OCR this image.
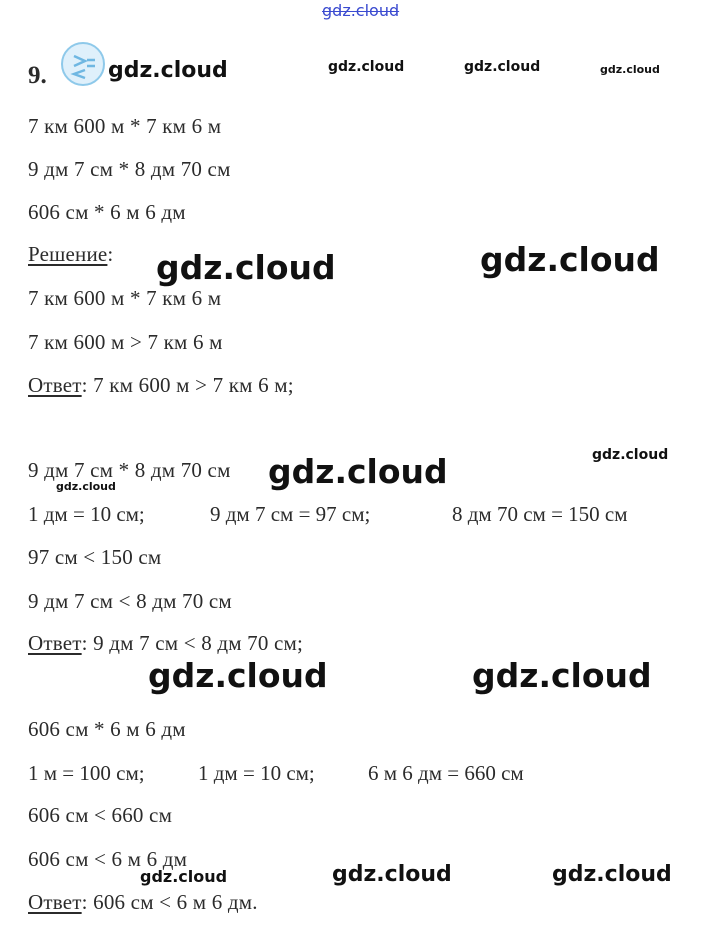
gdz.cloud
9.	gdz.cloud	gdz.cloud	gdz.cloud	gdz.cloud
7 км 600 м * 7 км 6 м
9 дм 7 см * 8 дм 70 см
606 см * 6 м 6 дм
Решение: gdz.cloud	gdz.cloud
7 км 600 м * 7 км 6 м
7 км 600 м > 7 км 6 м
Ответ: 7 км 600 м > 7 км 6 м;
9 дм 7 см * 8 дм 70 см gdz.cloud	gdz.cloud
gdz.cloud
1 дм = 10 см;	9 дм 7 см = 97 см;	8 дм 70 см = 150 см
97 см < 150 см
9 дм 7 см < 8 дм 70 см
Ответ: 9 дм 7 см < 8 дм 70 см;
gdz.cloud	gdz.cloud
606 см * 6 м 6 дм
1 м = 100 см;	1 дм = 10 см;	6 м 6 дм = 660 см
606 см < 660 см
606 см < 6 м 6 дм
gdz.cloud	gdz.cloud	gdz.cloud
Ответ: 606 см < 6 м 6 дм.
